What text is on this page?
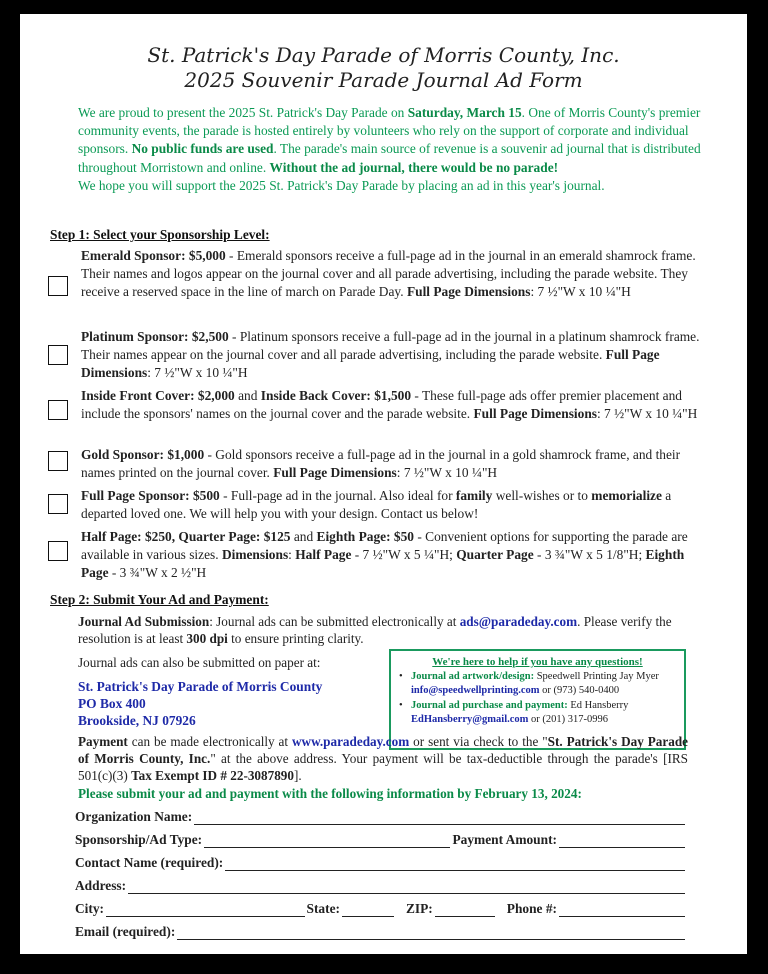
St. Patrick's Day Parade of Morris County, Inc.
2025 Souvenir Parade Journal Ad Form
We are proud to present the 2025 St. Patrick's Day Parade on Saturday, March 15. One of Morris County's premier community events, the parade is hosted entirely by volunteers who rely on the support of corporate and individual sponsors. No public funds are used. The parade's main source of revenue is a souvenir ad journal that is distributed throughout Morristown and online. Without the ad journal, there would be no parade!
We hope you will support the 2025 St. Patrick's Day Parade by placing an ad in this year's journal.
Step 1: Select your Sponsorship Level:
Emerald Sponsor: $5,000 - Emerald sponsors receive a full-page ad in the journal in an emerald shamrock frame. Their names and logos appear on the journal cover and all parade advertising, including the parade website. They receive a reserved space in the line of march on Parade Day. Full Page Dimensions: 7 ½"W x 10 ¼"H
Platinum Sponsor: $2,500 - Platinum sponsors receive a full-page ad in the journal in a platinum shamrock frame. Their names appear on the journal cover and all parade advertising, including the parade website. Full Page Dimensions: 7 ½"W x 10 ¼"H
Inside Front Cover: $2,000 and Inside Back Cover: $1,500 - These full-page ads offer premier placement and include the sponsors' names on the journal cover and the parade website. Full Page Dimensions: 7 ½"W x 10 ¼"H
Gold Sponsor: $1,000 - Gold sponsors receive a full-page ad in the journal in a gold shamrock frame, and their names printed on the journal cover. Full Page Dimensions: 7 ½"W x 10 ¼"H
Full Page Sponsor: $500 - Full-page ad in the journal. Also ideal for family well-wishes or to memorialize a departed loved one. We will help you with your design. Contact us below!
Half Page: $250, Quarter Page: $125 and Eighth Page: $50 - Convenient options for supporting the parade are available in various sizes. Dimensions: Half Page - 7 ½"W x 5 ¼"H; Quarter Page - 3 ¾"W x 5 1/8"H; Eighth Page - 3 ¾"W x 2 ½"H
Step 2: Submit Your Ad and Payment:
Journal Ad Submission: Journal ads can be submitted electronically at ads@paradeday.com. Please verify the resolution is at least 300 dpi to ensure printing clarity.
Journal ads can also be submitted on paper at:
St. Patrick's Day Parade of Morris County
PO Box 400
Brookside, NJ 07926
We're here to help if you have any questions!
• Journal ad artwork/design: Speedwell Printing Jay Myer
info@speedwellprinting.com or (973) 540-0400
• Journal ad purchase and payment: Ed Hansberry
EdHansberry@gmail.com or (201) 317-0996
Payment can be made electronically at www.paradeday.com or sent via check to the "St. Patrick's Day Parade of Morris County, Inc." at the above address. Your payment will be tax-deductible through the parade's [IRS 501(c)(3) Tax Exempt ID # 22-3087890].
Please submit your ad and payment with the following information by February 13, 2024:
Organization Name:
Sponsorship/Ad Type:	Payment Amount:
Contact Name (required):
Address:
City:	State:	ZIP:	Phone #:
Email (required):
